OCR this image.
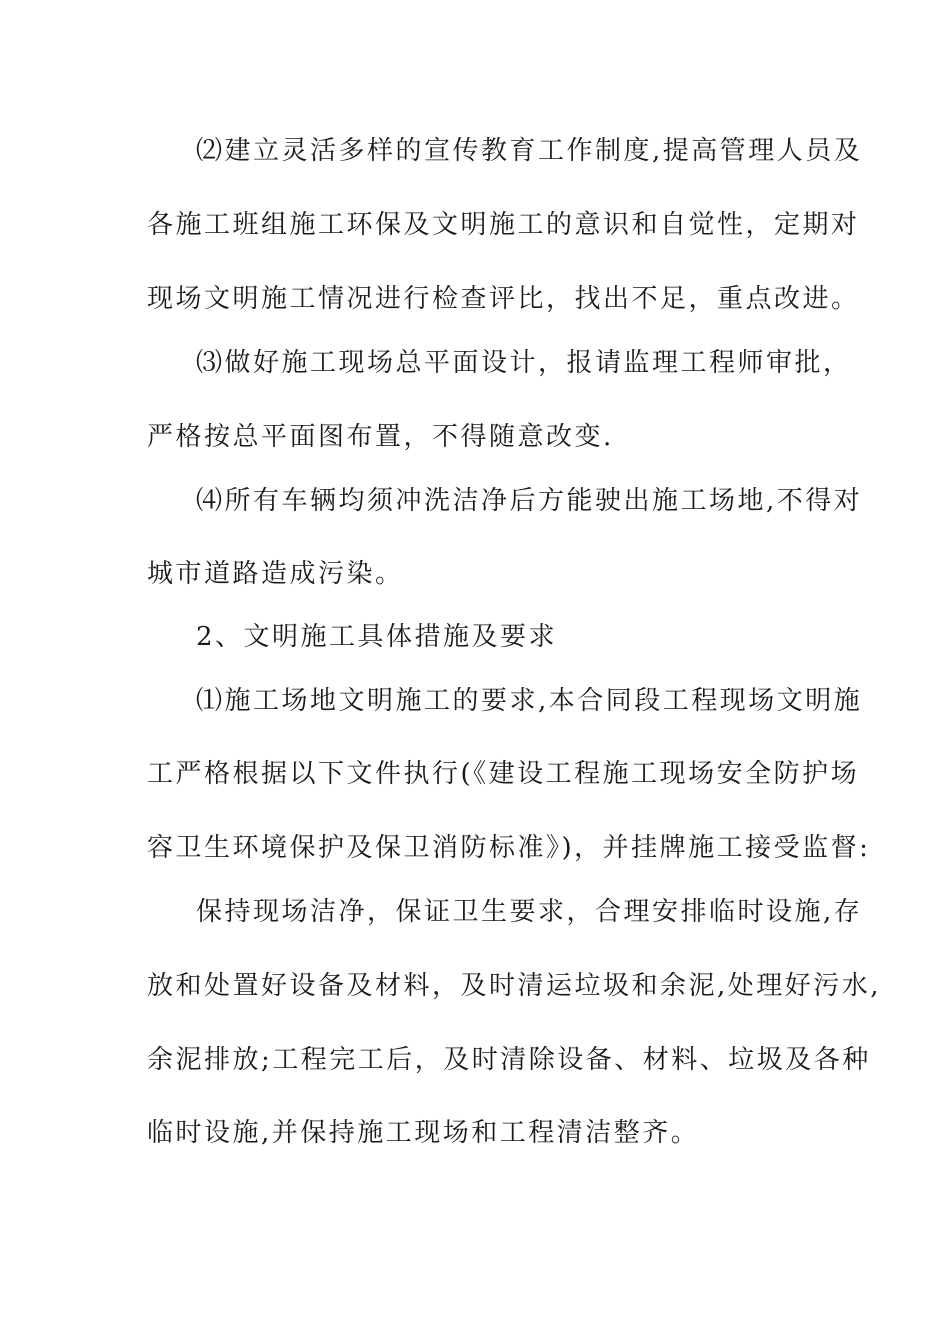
⑵建立灵活多样的宣传教育工作制度,提高管理人员及
各施工班组施工环保及文明施工的意识和自觉性，定期对
现场文明施工情况进行检查评比，找出不足，重点改进。
⑶做好施工现场总平面设计，报请监理工程师审批，
严格按总平面图布置，不得随意改变.
⑷所有车辆均须冲洗洁净后方能驶出施工场地,不得对
城市道路造成污染。
2、文明施工具体措施及要求
⑴施工场地文明施工的要求,本合同段工程现场文明施
工严格根据以下文件执行(《建设工程施工现场安全防护场
容卫生环境保护及保卫消防标准》)，并挂牌施工接受监督:
保持现场洁净，保证卫生要求，合理安排临时设施,存
放和处置好设备及材料，及时清运垃圾和余泥,处理好污水,
余泥排放;工程完工后，及时清除设备、材料、垃圾及各种
临时设施,并保持施工现场和工程清洁整齐。
